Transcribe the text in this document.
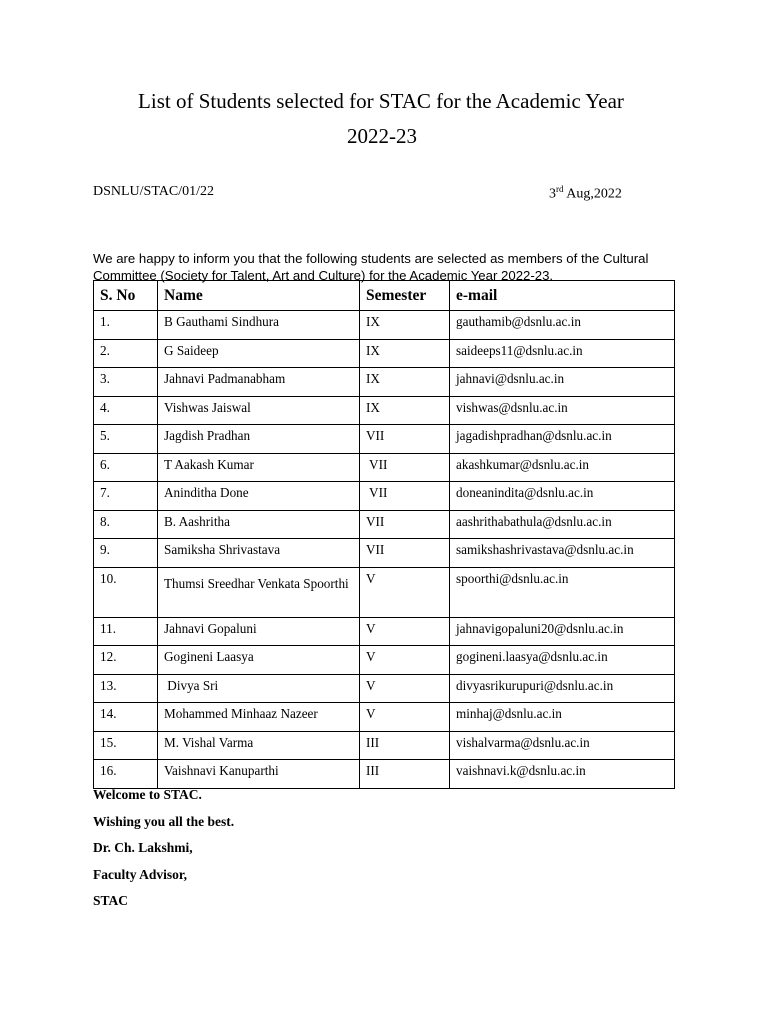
List of Students selected for STAC for the Academic Year
2022-23
DSNLU/STAC/01/22	3rd Aug,2022

We are happy to inform you that the following students are selected as members of the Cultural Committee (Society for Talent, Art and Culture) for the Academic Year 2022-23.

S. No	Name	Semester	e-mail
1.	B Gauthami Sindhura	IX	gauthamib@dsnlu.ac.in
2.	G Saideep	IX	saideeps11@dsnlu.ac.in
3.	Jahnavi Padmanabham	IX	jahnavi@dsnlu.ac.in
4.	Vishwas Jaiswal	IX	vishwas@dsnlu.ac.in
5.	Jagdish Pradhan	VII	jagadishpradhan@dsnlu.ac.in
6.	T Aakash Kumar	VII	akashkumar@dsnlu.ac.in
7.	Aninditha Done	VII	doneanindita@dsnlu.ac.in
8.	B. Aashritha	VII	aashrithabathula@dsnlu.ac.in
9.	Samiksha Shrivastava	VII	samikshashrivastava@dsnlu.ac.in
10.	Thumsi Sreedhar Venkata Spoorthi	V	spoorthi@dsnlu.ac.in
11.	Jahnavi Gopaluni	V	jahnavigopaluni20@dsnlu.ac.in
12.	Gogineni Laasya	V	gogineni.laasya@dsnlu.ac.in
13.	Divya Sri	V	divyasrikurupuri@dsnlu.ac.in
14.	Mohammed Minhaaz Nazeer	V	minhaj@dsnlu.ac.in
15.	M. Vishal Varma	III	vishalvarma@dsnlu.ac.in
16.	Vaishnavi Kanuparthi	III	vaishnavi.k@dsnlu.ac.in
Welcome to STAC.
Wishing you all the best.
Dr. Ch. Lakshmi,
Faculty Advisor,
STAC
